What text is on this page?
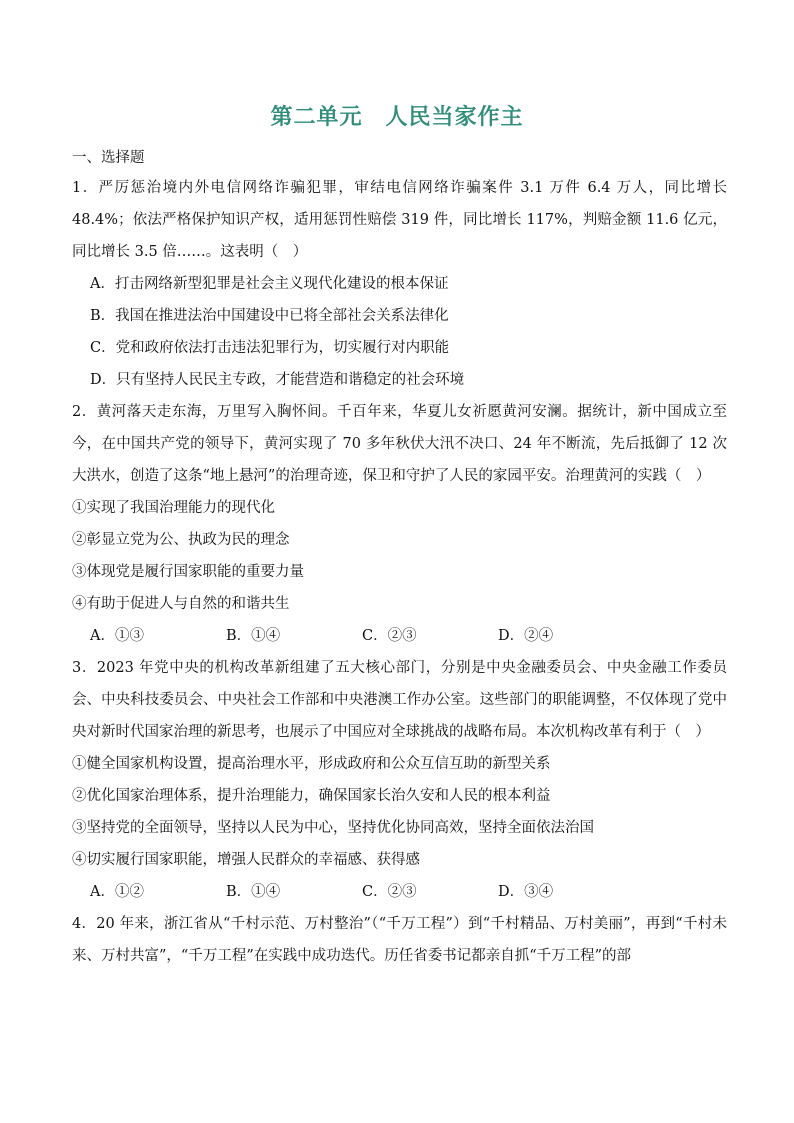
第二单元　人民当家作主
一、选择题

1．严厉惩治境内外电信网络诈骗犯罪，审结电信网络诈骗案件 3.1 万件 6.4 万人，同比增长 48.4%；依法严格保护知识产权，适用惩罚性赔偿 319 件，同比增长 117%，判赔金额 11.6 亿元，同比增长 3.5 倍……。这表明（　）

A．打击网络新型犯罪是社会主义现代化建设的根本保证

B．我国在推进法治中国建设中已将全部社会关系法律化

C．党和政府依法打击违法犯罪行为，切实履行对内职能

D．只有坚持人民民主专政，才能营造和谐稳定的社会环境

2．黄河落天走东海，万里写入胸怀间。千百年来，华夏儿女祈愿黄河安澜。据统计，新中国成立至今，在中国共产党的领导下，黄河实现了 70 多年秋伏大汛不决口、24 年不断流，先后抵御了 12 次大洪水，创造了这条“地上悬河”的治理奇迹，保卫和守护了人民的家园平安。治理黄河的实践（　）

①实现了我国治理能力的现代化

②彰显立党为公、执政为民的理念

③体现党是履行国家职能的重要力量

④有助于促进人与自然的和谐共生

A．①③	B．①④	C．②③	D．②④

3．2023 年党中央的机构改革新组建了五大核心部门，分别是中央金融委员会、中央金融工作委员会、中央科技委员会、中央社会工作部和中央港澳工作办公室。这些部门的职能调整，不仅体现了党中央对新时代国家治理的新思考，也展示了中国应对全球挑战的战略布局。本次机构改革有利于（　）

①健全国家机构设置，提高治理水平，形成政府和公众互信互助的新型关系

②优化国家治理体系，提升治理能力，确保国家长治久安和人民的根本利益

③坚持党的全面领导，坚持以人民为中心，坚持优化协同高效，坚持全面依法治国

④切实履行国家职能，增强人民群众的幸福感、获得感

A．①②	B．①④	C．②③	D．③④

4．20 年来，浙江省从“千村示范、万村整治”（“千万工程”）到“千村精品、万村美丽”，再到“千村未来、万村共富”，“千万工程”在实践中成功迭代。历任省委书记都亲自抓“千万工程”的部
